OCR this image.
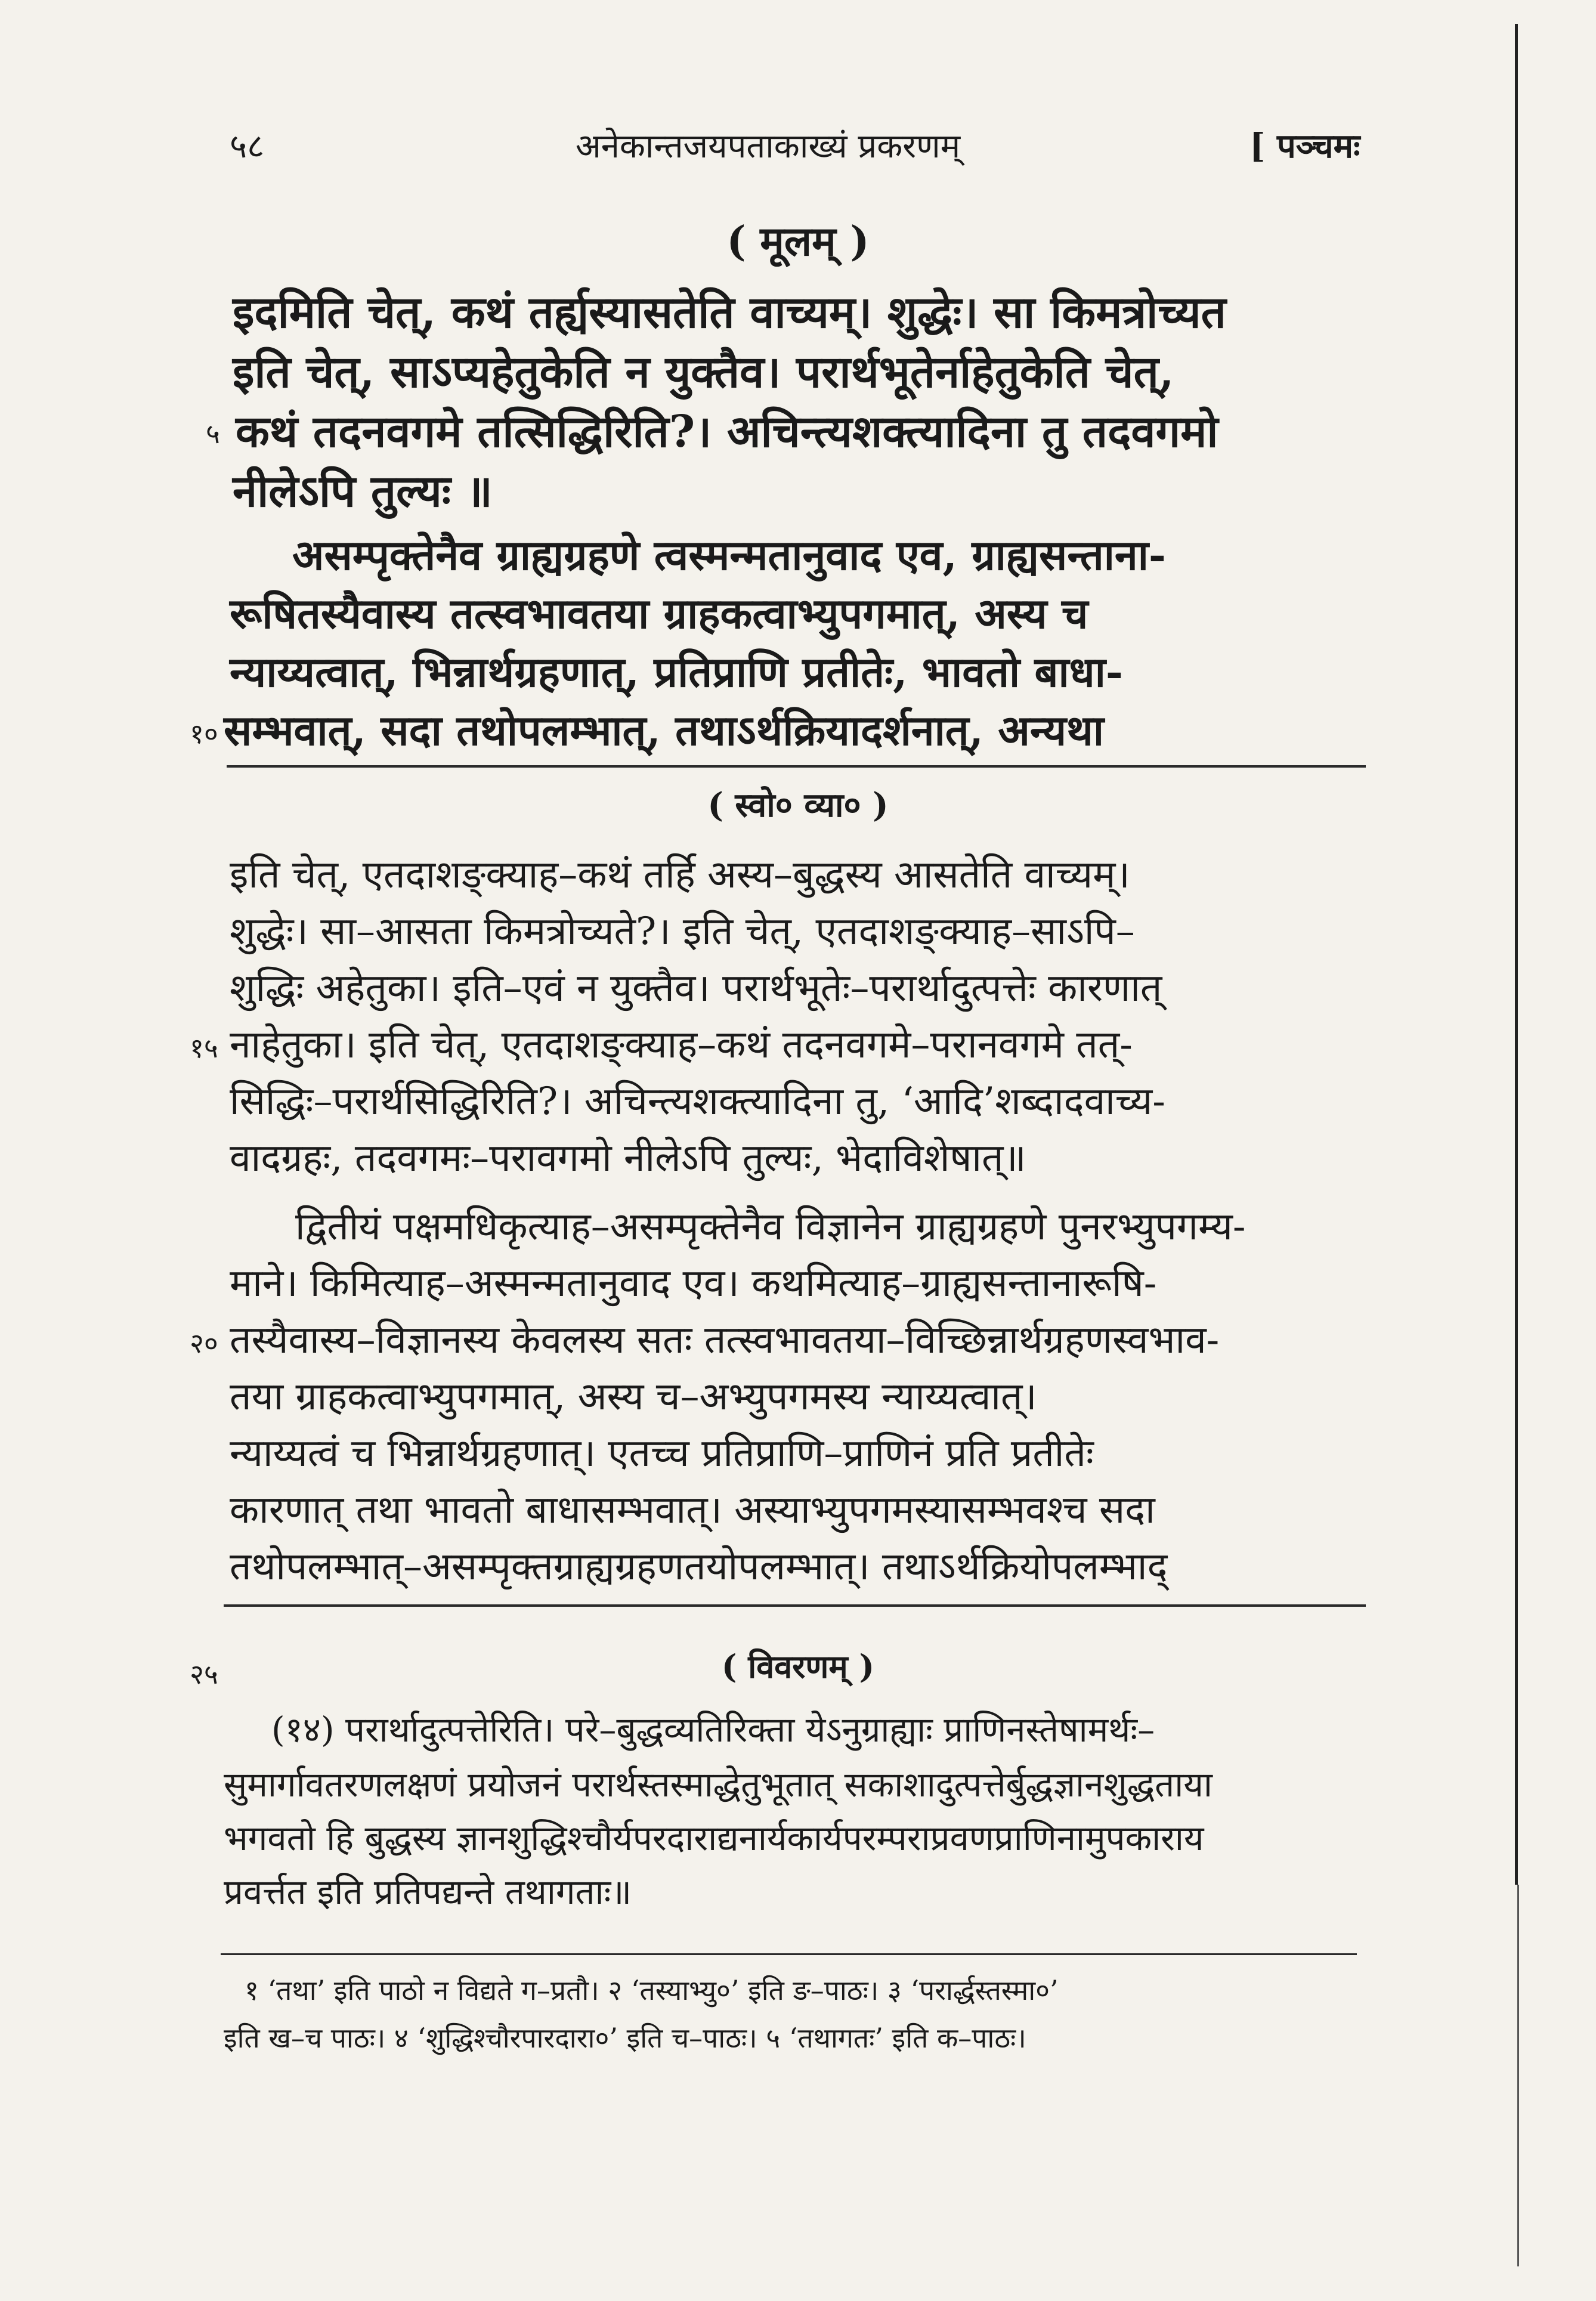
५८	अनेकान्तजयपताकाख्यं प्रकरणम्	[ पञ्चमः
( मूलम् )
इदमिति चेत्, कथं तर्ह्यस्यासतेति वाच्यम्। शुद्धेः। सा किमत्रोच्यत
इति चेत्, साऽप्यहेतुकेति न युक्तैव। परार्थभूतेर्नाहेतुकेति चेत्,
५ कथं तदनवगमे तत्सिद्धिरिति?। अचिन्त्यशक्त्यादिना तु तदवगमो
नीलेऽपि तुल्यः ॥
असम्पृक्तेनैव ग्राह्यग्रहणे त्वस्मन्मतानुवाद एव, ग्राह्यसन्ताना-
रूषितस्यैवास्य तत्स्वभावतया ग्राहकत्वाभ्युपगमात्, अस्य च
न्याय्यत्वात्, भिन्नार्थग्रहणात्, प्रतिप्राणि प्रतीतेः, भावतो बाधा-
१० सम्भवात्, सदा तथोपलम्भात्, तथाऽर्थक्रियादर्शनात्, अन्यथा
( स्वो० व्या० )
इति चेत्, एतदाशङ्क्याह–कथं तर्हि अस्य–बुद्धस्य आसतेति वाच्यम्।
शुद्धेः। सा–आसता किमत्रोच्यते?। इति चेत्, एतदाशङ्क्याह–साऽपि–
शुद्धिः अहेतुका। इति–एवं न युक्तैव। परार्थभूतेः–परार्थादुत्पत्तेः कारणात्
१५ नाहेतुका। इति चेत्, एतदाशङ्क्याह–कथं तदनवगमे–परानवगमे तत्-
सिद्धिः–परार्थसिद्धिरिति?। अचिन्त्यशक्त्यादिना तु, ‘आदि’शब्दादवाच्य-
वादग्रहः, तदवगमः–परावगमो नीलेऽपि तुल्यः, भेदाविशेषात्॥
द्वितीयं पक्षमधिकृत्याह–असम्पृक्तेनैव विज्ञानेन ग्राह्यग्रहणे पुनरभ्युपगम्य-
माने। किमित्याह–अस्मन्मतानुवाद एव। कथमित्याह–ग्राह्यसन्तानारूषि-
२० तस्यैवास्य–विज्ञानस्य केवलस्य सतः तत्स्वभावतया–विच्छिन्नार्थग्रहणस्वभाव-
तया ग्राहकत्वाभ्युपगमात्, अस्य च–अभ्युपगमस्य न्याय्यत्वात्।
न्याय्यत्वं च भिन्नार्थग्रहणात्। एतच्च प्रतिप्राणि–प्राणिनं प्रति प्रतीतेः
कारणात् तथा भावतो बाधासम्भवात्। अस्याभ्युपगमस्यासम्भवश्च सदा
तथोपलम्भात्–असम्पृक्तग्राह्यग्रहणतयोपलम्भात्। तथाऽर्थक्रियोपलम्भाद्
२५	( विवरणम् )
(१४) परार्थादुत्पत्तेरिति। परे–बुद्धव्यतिरिक्ता येऽनुग्राह्याः प्राणिनस्तेषामर्थः–
सुमार्गावतरणलक्षणं प्रयोजनं परार्थस्तस्माद्धेतुभूतात् सकाशादुत्पत्तेर्बुद्धज्ञानशुद्धताया
भगवतो हि बुद्धस्य ज्ञानशुद्धिश्चौर्यपरदाराद्यनार्यकार्यपरम्पराप्रवणप्राणिनामुपकाराय
प्रवर्त्तत इति प्रतिपद्यन्ते तथागताः॥
१ ‘तथा’ इति पाठो न विद्यते ग–प्रतौ। २ ‘तस्याभ्यु०’ इति ङ–पाठः। ३ ‘परार्द्धस्तस्मा०’
इति ख–च पाठः। ४ ‘शुद्धिश्चौरपारदारा०’ इति च–पाठः। ५ ‘तथागतः’ इति क–पाठः।
